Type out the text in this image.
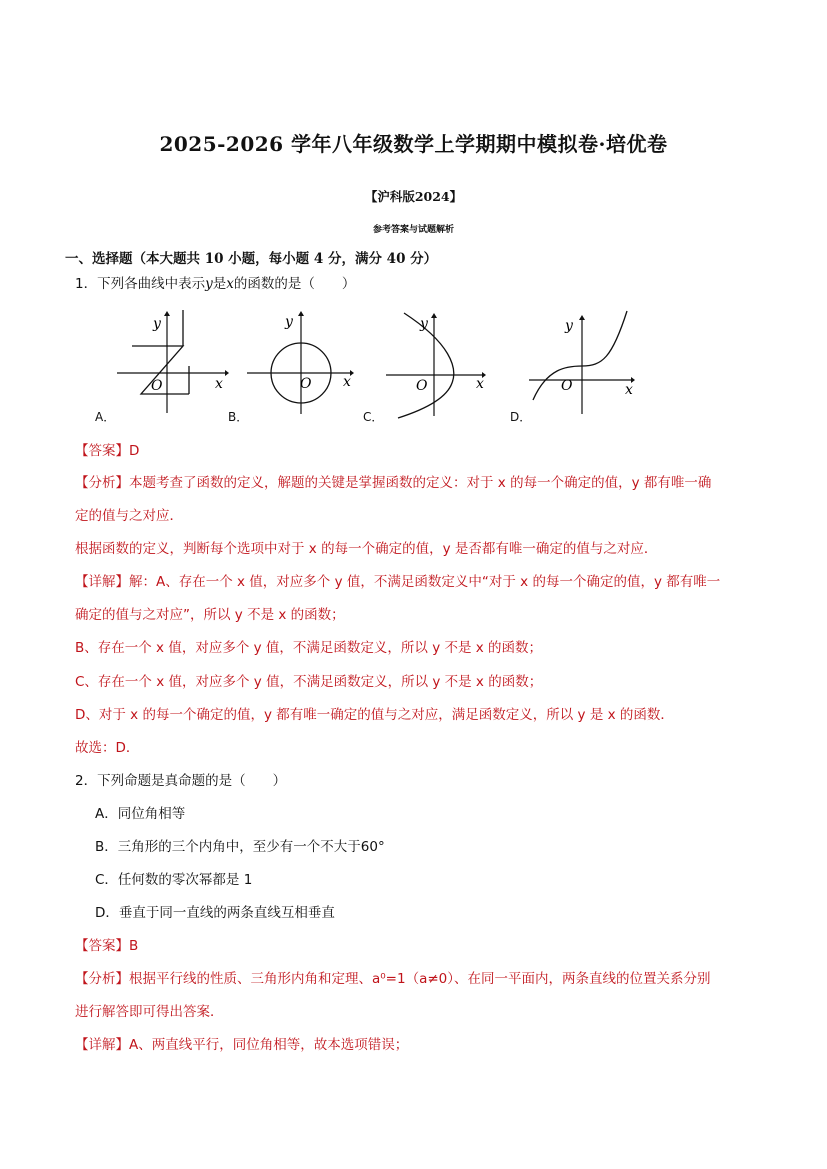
2025-2026 学年八年级数学上学期期中模拟卷·培优卷
【沪科版2024】
参考答案与试题解析
一、选择题（本大题共 10 小题，每小题 4 分，满分 40 分）
1．下列各曲线中表示y是x的函数的是（　　）
y
x
O
A．
y
x
O
B．
y
x
O
C．
y
x
O
D．
【答案】D
【分析】本题考查了函数的定义，解题的关键是掌握函数的定义：对于 x 的每一个确定的值，y 都有唯一确
定的值与之对应．
根据函数的定义，判断每个选项中对于 x 的每一个确定的值，y 是否都有唯一确定的值与之对应．
【详解】解：A、存在一个 x 值，对应多个 y 值，不满足函数定义中“对于 x 的每一个确定的值，y 都有唯一
确定的值与之对应”，所以 y 不是 x 的函数；
B、存在一个 x 值，对应多个 y 值，不满足函数定义，所以 y 不是 x 的函数；
C、存在一个 x 值，对应多个 y 值，不满足函数定义，所以 y 不是 x 的函数；
D、对于 x 的每一个确定的值，y 都有唯一确定的值与之对应，满足函数定义，所以 y 是 x 的函数．
故选：D．
2．下列命题是真命题的是（　　）
A．同位角相等
B．三角形的三个内角中，至少有一个不大于60°
C．任何数的零次幂都是 1
D．垂直于同一直线的两条直线互相垂直
【答案】B
【分析】根据平行线的性质、三角形内角和定理、a⁰=1（a≠0）、在同一平面内，两条直线的位置关系分别
进行解答即可得出答案．
【详解】A、两直线平行，同位角相等，故本选项错误；
